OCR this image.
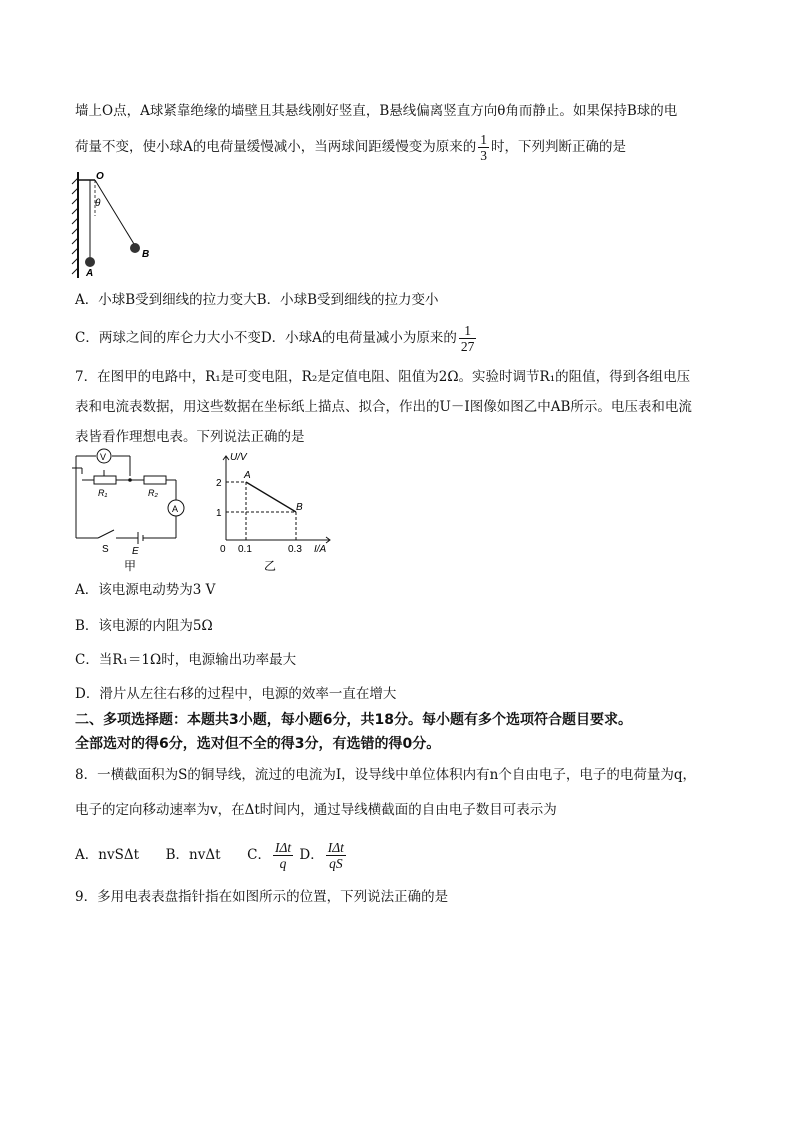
墙上O点，A球紧靠绝缘的墙壁且其悬线刚好竖直，B悬线偏离竖直方向θ角而静止。如果保持B球的电
荷量不变，使小球A的电荷量缓慢减小，当两球间距缓慢变为原来的 $\frac{1}{3}$ 时，下列判断正确的是
O
θ
A
B
A．小球B受到细线的拉力变大B．小球B受到细线的拉力变小
C．两球之间的库仑力大小不变D．小球A的电荷量减小为原来的 $\frac{1}{27}$
7．在图甲的电路中，R₁是可变电阻，R₂是定值电阻、阻值为2Ω。实验时调节R₁的阻值，得到各组电压
表和电流表数据，用这些数据在坐标纸上描点、拟合，作出的U－I图像如图乙中AB所示。电压表和电流
表皆看作理想电表。下列说法正确的是
V
A
R₁	R₂
S E
甲
U/V
I/A
2
1
0 0.1	0.3
A
B
乙
A．该电源电动势为3 V
B．该电源的内阻为5Ω
C．当R₁＝1Ω时，电源输出功率最大
D．滑片从左往右移的过程中，电源的效率一直在增大
二、多项选择题：本题共3小题，每小题6分，共18分。每小题有多个选项符合题目要求。
全部选对的得6分，选对但不全的得3分，有选错的得0分。
8．一横截面积为S的铜导线，流过的电流为I，设导线中单位体积内有n个自由电子，电子的电荷量为q，
电子的定向移动速率为v，在Δt时间内，通过导线横截面的自由电子数目可表示为
A．nvSΔt B．nvΔt C． $\frac{\text{IΔt}}{q}$ D． $\frac{\text{IΔt}}{qS}$
9．多用电表表盘指针指在如图所示的位置，下列说法正确的是
